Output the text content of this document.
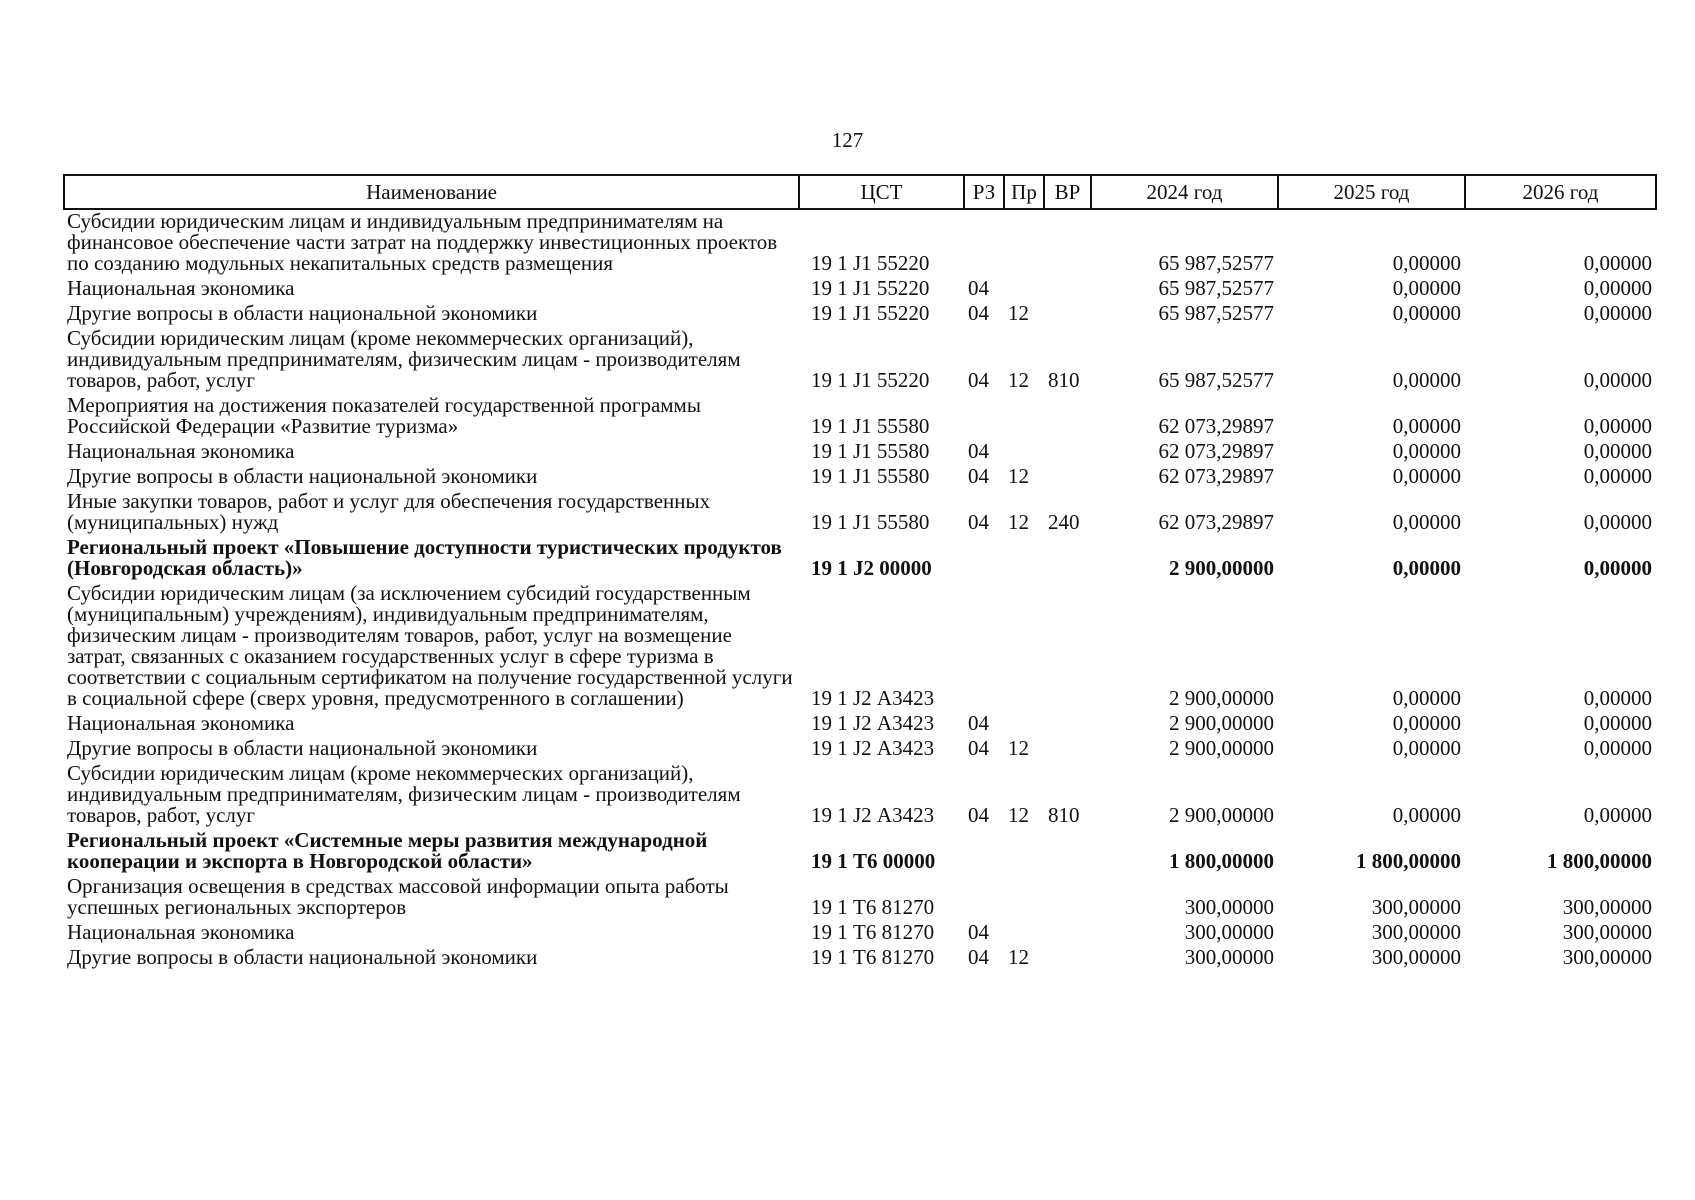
127
Наименование	ЦСТ	РЗ	Пр	ВР	2024 год	2025 год	2026 год
Субсидии юридическим лицам и индивидуальным предпринимателям на финансовое обеспечение части затрат на поддержку инвестиционных проектов по созданию модульных некапитальных средств размещения	19 1 J1 55220				65 987,52577	0,00000	0,00000
Национальная экономика	19 1 J1 55220	04			65 987,52577	0,00000	0,00000
Другие вопросы в области национальной экономики	19 1 J1 55220	04	12		65 987,52577	0,00000	0,00000
Субсидии юридическим лицам (кроме некоммерческих организаций), индивидуальным предпринимателям, физическим лицам - производителям товаров, работ, услуг	19 1 J1 55220	04	12	810	65 987,52577	0,00000	0,00000
Мероприятия на достижения показателей государственной программы Российской Федерации «Развитие туризма»	19 1 J1 55580				62 073,29897	0,00000	0,00000
Национальная экономика	19 1 J1 55580	04			62 073,29897	0,00000	0,00000
Другие вопросы в области национальной экономики	19 1 J1 55580	04	12		62 073,29897	0,00000	0,00000
Иные закупки товаров, работ и услуг для обеспечения государственных (муниципальных) нужд	19 1 J1 55580	04	12	240	62 073,29897	0,00000	0,00000
Региональный проект «Повышение доступности туристических продуктов (Новгородская область)»	19 1 J2 00000				2 900,00000	0,00000	0,00000
Субсидии юридическим лицам (за исключением субсидий государственным (муниципальным) учреждениям), индивидуальным предпринимателям, физическим лицам - производителям товаров, работ, услуг на возмещение затрат, связанных с оказанием государственных услуг в сфере туризма в соответствии с социальным сертификатом на получение государственной услуги в социальной сфере (сверх уровня, предусмотренного в соглашении)	19 1 J2 А3423				2 900,00000	0,00000	0,00000
Национальная экономика	19 1 J2 А3423	04			2 900,00000	0,00000	0,00000
Другие вопросы в области национальной экономики	19 1 J2 А3423	04	12		2 900,00000	0,00000	0,00000
Субсидии юридическим лицам (кроме некоммерческих организаций), индивидуальным предпринимателям, физическим лицам - производителям товаров, работ, услуг	19 1 J2 А3423	04	12	810	2 900,00000	0,00000	0,00000
Региональный проект «Системные меры развития международной кооперации и экспорта в Новгородской области»	19 1 Т6 00000				1 800,00000	1 800,00000	1 800,00000
Организация освещения в средствах массовой информации опыта работы успешных региональных экспортеров	19 1 Т6 81270				300,00000	300,00000	300,00000
Национальная экономика	19 1 Т6 81270	04			300,00000	300,00000	300,00000
Другие вопросы в области национальной экономики	19 1 Т6 81270	04	12		300,00000	300,00000	300,00000
